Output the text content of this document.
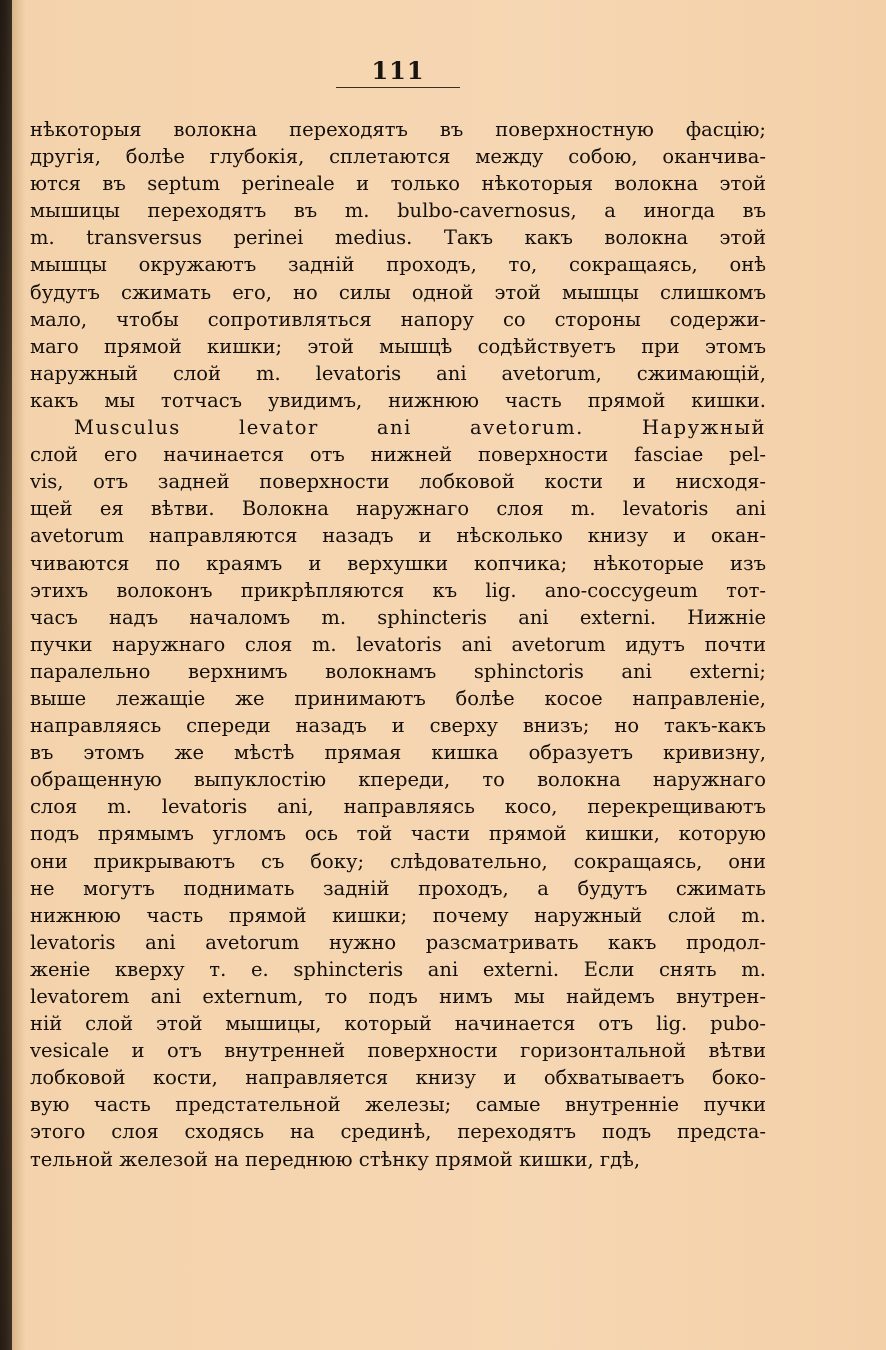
111
нѣкоторыя волокна переходятъ въ поверхностную фасцію;
другія, болѣе глубокія, сплетаются между собою, оканчива-
ются въ septum perineale и только нѣкоторыя волокна этой
мышицы переходятъ въ m. bulbo-cavernosus, а иногда въ
m. transversus perinei medius. Такъ какъ волокна этой
мышцы окружаютъ задній проходъ, то, сокращаясь, онѣ
будутъ сжимать его, но силы одной этой мышцы слишкомъ
мало, чтобы сопротивляться напору со стороны содержи-
маго прямой кишки; этой мышцѣ содѣйствуетъ при этомъ
наружный слой m. levatoris ani avetorum, сжимающій,
какъ мы тотчасъ увидимъ, нижнюю часть прямой кишки.
Musculus levator ani avetorum. Наружный
слой его начинается отъ нижней поверхности fasciae pel-
vis, отъ задней поверхности лобковой кости и нисходя-
щей ея вѣтви. Волокна наружнаго слоя m. levatoris ani
avetorum направляются назадъ и нѣсколько книзу и окан-
чиваются по краямъ и верхушки копчика; нѣкоторые изъ
этихъ волоконъ прикрѣпляются къ lig. ano-coccygeum тот-
часъ надъ началомъ m. sphincteris ani externi. Нижніе
пучки наружнаго слоя m. levatoris ani avetorum идутъ почти
паралельно верхнимъ волокнамъ sphinctoris ani externi;
выше лежащіе же принимаютъ болѣе косое направленіе,
направляясь спереди назадъ и сверху внизъ; но такъ-какъ
въ этомъ же мѣстѣ прямая кишка образуетъ кривизну,
обращенную выпуклостію кпереди, то волокна наружнаго
слоя m. levatoris ani, направляясь косо, перекрещиваютъ
подъ прямымъ угломъ ось той части прямой кишки, которую
они прикрываютъ съ боку; слѣдовательно, сокращаясь, они
не могутъ поднимать задній проходъ, а будутъ сжимать
нижнюю часть прямой кишки; почему наружный слой m.
levatoris ani avetorum нужно разсматривать какъ продол-
женіе кверху т. е. sphincteris ani externi. Если снять m.
levatorem ani externum, то подъ нимъ мы найдемъ внутрен-
ній слой этой мышицы, который начинается отъ lig. pubo-
vesicale и отъ внутренней поверхности горизонтальной вѣтви
лобковой кости, направляется книзу и обхватываетъ боко-
вую часть предстательной железы; самые внутренніе пучки
этого слоя сходясь на срединѣ, переходятъ подъ предста-
тельной железой на переднюю стѣнку прямой кишки, гдѣ,
